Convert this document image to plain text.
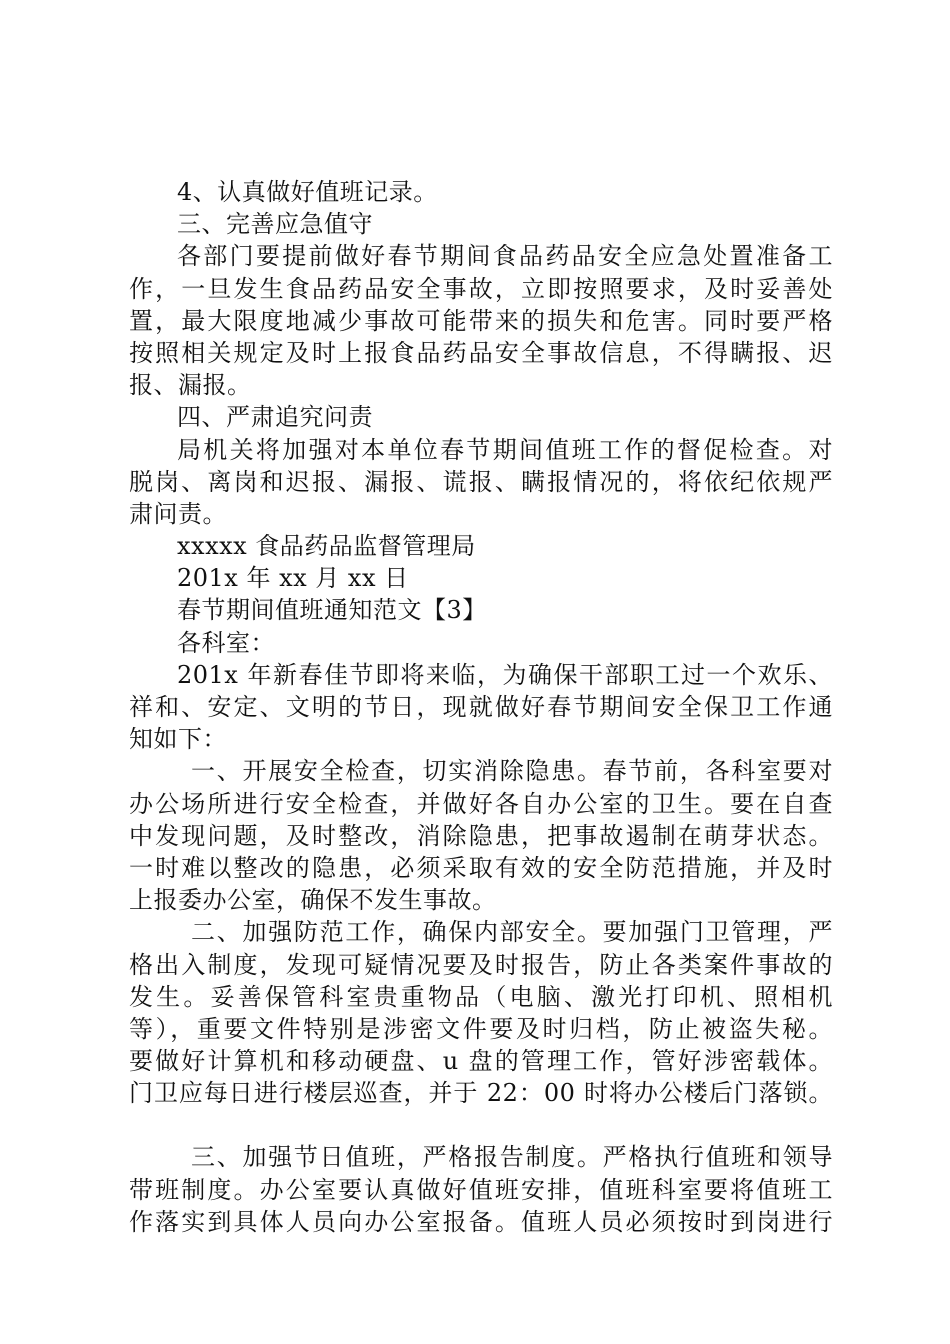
4、认真做好值班记录。
三、完善应急值守
各部门要提前做好春节期间食品药品安全应急处置准备工
作，一旦发生食品药品安全事故，立即按照要求，及时妥善处
置，最大限度地减少事故可能带来的损失和危害。同时要严格
按照相关规定及时上报食品药品安全事故信息，不得瞒报、迟
报、漏报。
四、严肃追究问责
局机关将加强对本单位春节期间值班工作的督促检查。对
脱岗、离岗和迟报、漏报、谎报、瞒报情况的，将依纪依规严
肃问责。
xxxxx 食品药品监督管理局
201x 年 xx 月 xx 日
春节期间值班通知范文【3】
各科室：
201x 年新春佳节即将来临，为确保干部职工过一个欢乐、
祥和、安定、文明的节日，现就做好春节期间安全保卫工作通
知如下：
一、开展安全检查，切实消除隐患。春节前，各科室要对
办公场所进行安全检查，并做好各自办公室的卫生。要在自查
中发现问题，及时整改，消除隐患，把事故遏制在萌芽状态。
一时难以整改的隐患，必须采取有效的安全防范措施，并及时
上报委办公室，确保不发生事故。
二、加强防范工作，确保内部安全。要加强门卫管理，严
格出入制度，发现可疑情况要及时报告，防止各类案件事故的
发生。妥善保管科室贵重物品（电脑、激光打印机、照相机
等），重要文件特别是涉密文件要及时归档，防止被盗失秘。
要做好计算机和移动硬盘、u 盘的管理工作，管好涉密载体。
门卫应每日进行楼层巡查，并于 22：00 时将办公楼后门落锁。
三、加强节日值班，严格报告制度。严格执行值班和领导
带班制度。办公室要认真做好值班安排，值班科室要将值班工
作落实到具体人员向办公室报备。值班人员必须按时到岗进行
